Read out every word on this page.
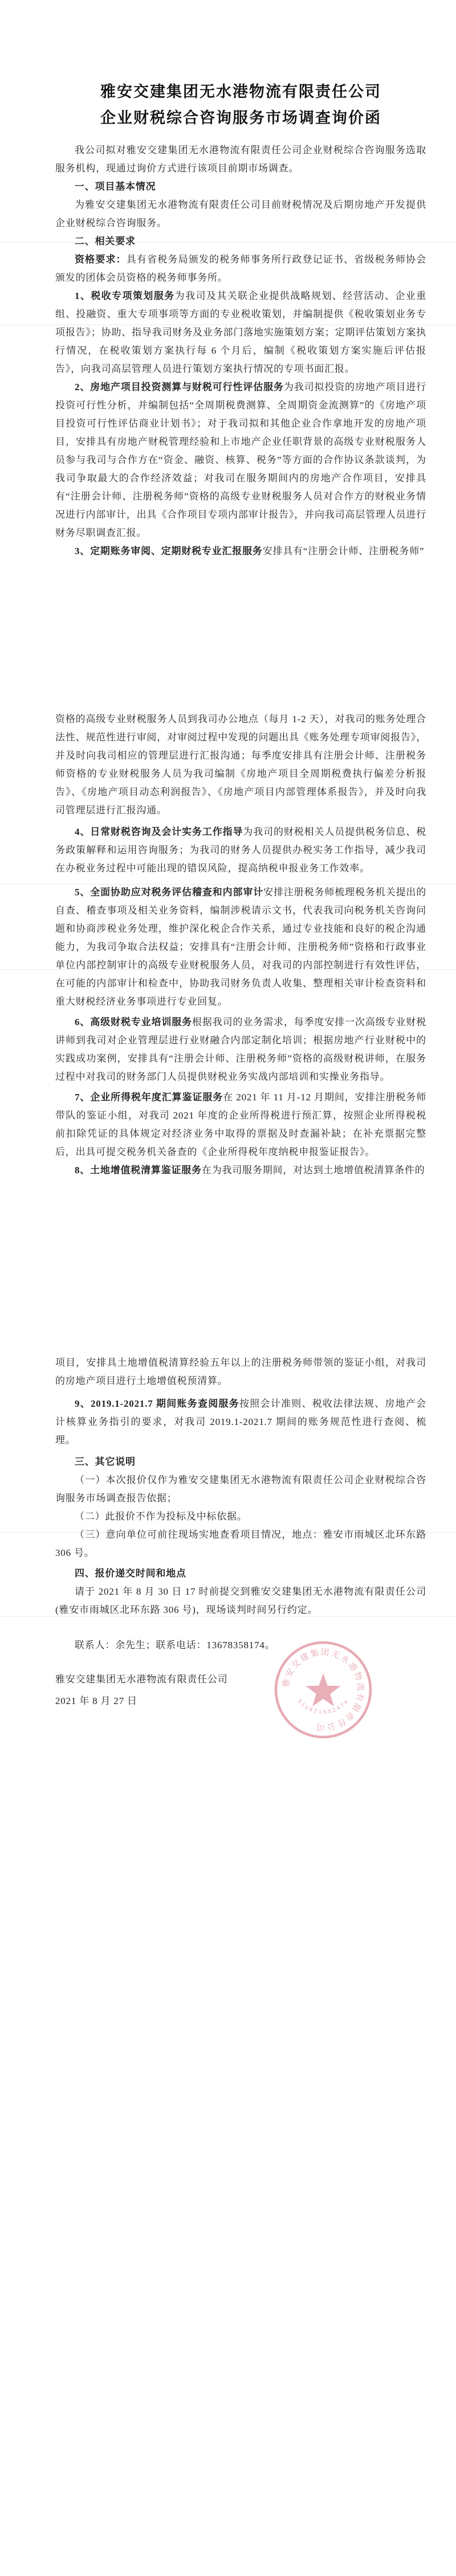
雅安交建集团无水港物流有限责任公司
企业财税综合咨询服务市场调查询价函

我公司拟对雅安交建集团无水港物流有限责任公司企业财税综合咨询服务选取服务机构，现通过询价方式进行该项目前期市场调查。

一、项目基本情况

为雅安交建集团无水港物流有限责任公司目前财税情况及后期房地产开发提供企业财税综合咨询服务。

二、相关要求

资格要求：具有省税务局颁发的税务师事务所行政登记证书、省级税务师协会颁发的团体会员资格的税务师事务所。

1、税收专项策划服务为我司及其关联企业提供战略规划、经营活动、企业重组、投融资、重大专项事项等方面的专业税收策划，并编制提供《税收策划业务专项报告》；协助、指导我司财务及业务部门落地实施策划方案；定期评估策划方案执行情况，在税收策划方案执行每 6 个月后，编制《税收策划方案实施后评估报告》，向我司高层管理人员进行策划方案执行情况的专项书面汇报。

2、房地产项目投资测算与财税可行性评估服务为我司拟投资的房地产项目进行投资可行性分析，并编制包括“全周期税费测算、全周期资金流测算”的《房地产项目投资可行性评估商业计划书》；对于我司拟和其他企业合作拿地开发的房地产项目，安排具有房地产财税管理经验和上市地产企业任职背景的高级专业财税服务人员参与我司与合作方在“资金、融资、核算、税务”等方面的合作协议条款谈判，为我司争取最大的合作经济效益；对我司在服务期间内的房地产合作项目，安排具有“注册会计师、注册税务师”资格的高级专业财税服务人员对合作方的财税业务情况进行内部审计，出具《合作项目专项内部审计报告》，并向我司高层管理人员进行财务尽职调查汇报。

3、定期账务审阅、定期财税专业汇报服务安排具有“注册会计师、注册税务师”

资格的高级专业财税服务人员到我司办公地点（每月 1-2 天），对我司的账务处理合法性、规范性进行审阅，对审阅过程中发现的问题出具《账务处理专项审阅报告》，并及时向我司相应的管理层进行汇报沟通；每季度安排具有注册会计师、注册税务师资格的专业财税服务人员为我司编制《房地产项目全周期税费执行偏差分析报告》、《房地产项目动态利润报告》、《房地产项目内部管理体系报告》，并及时向我司管理层进行汇报沟通。

4、日常财税咨询及会计实务工作指导为我司的财税相关人员提供税务信息、税务政策解释和运用咨询服务；为我司的财务人员提供办税实务工作指导，减少我司在办税业务过程中可能出现的错误风险，提高纳税申报业务工作效率。

5、全面协助应对税务评估稽查和内部审计安排注册税务师梳理税务机关提出的自查、稽查事项及相关业务资料，编制涉税请示文书，代表我司向税务机关咨询问题和协商涉税业务处理，维护深化税企合作关系，通过专业技能和良好的税企沟通能力，为我司争取合法权益；安排具有“注册会计师、注册税务师”资格和行政事业单位内部控制审计的高级专业财税服务人员，对我司的内部控制进行有效性评估，在可能的内部审计和检查中，协助我司财务负责人收集、整理相关审计检查资料和重大财税经济业务事项进行专业回复。

6、高级财税专业培训服务根据我司的业务需求，每季度安排一次高级专业财税讲师到我司对企业管理层进行业财融合内部定制化培训；根据房地产行业财税中的实践成功案例，安排具有“注册会计师、注册税务师”资格的高级财税讲师，在服务过程中对我司的财务部门人员提供财税业务实战内部培训和实操业务指导。

7、企业所得税年度汇算鉴证服务在 2021 年 11 月-12 月期间，安排注册税务师带队的鉴证小组，对我司 2021 年度的企业所得税进行预汇算，按照企业所得税税前扣除凭证的具体规定对经济业务中取得的票据及时查漏补缺；在补充票据完整后，出具可提交税务机关备查的《企业所得税年度纳税申报鉴证报告》。

8、土地增值税清算鉴证服务在为我司服务期间，对达到土地增值税清算条件的

项目，安排具土地增值税清算经验五年以上的注册税务师带领的鉴证小组，对我司的房地产项目进行土地增值税预清算。

9、2019.1-2021.7 期间账务查阅服务按照会计准则、税收法律法规、房地产会计核算业务指引的要求，对我司 2019.1-2021.7 期间的账务规范性进行查阅、梳理。

三、其它说明

（一）本次报价仅作为雅安交建集团无水港物流有限责任公司企业财税综合咨询服务市场调查报告依据；

（二）此报价不作为投标及中标依据。

（三）意向单位可前往现场实地查看项目情况，地点：雅安市雨城区北环东路 306 号。

四、报价递交时间和地点

请于 2021 年 8 月 30 日 17 时前提交到雅安交建集团无水港物流有限责任公司(雅安市雨城区北环东路 306 号)，现场谈判时间另行约定。

联系人：余先生；联系电话：13678358174。

雅安交建集团无水港物流有限责任公司

2021 年 8 月 27 日

雅安交建集团无水港物流有限责任公司
511821502474
